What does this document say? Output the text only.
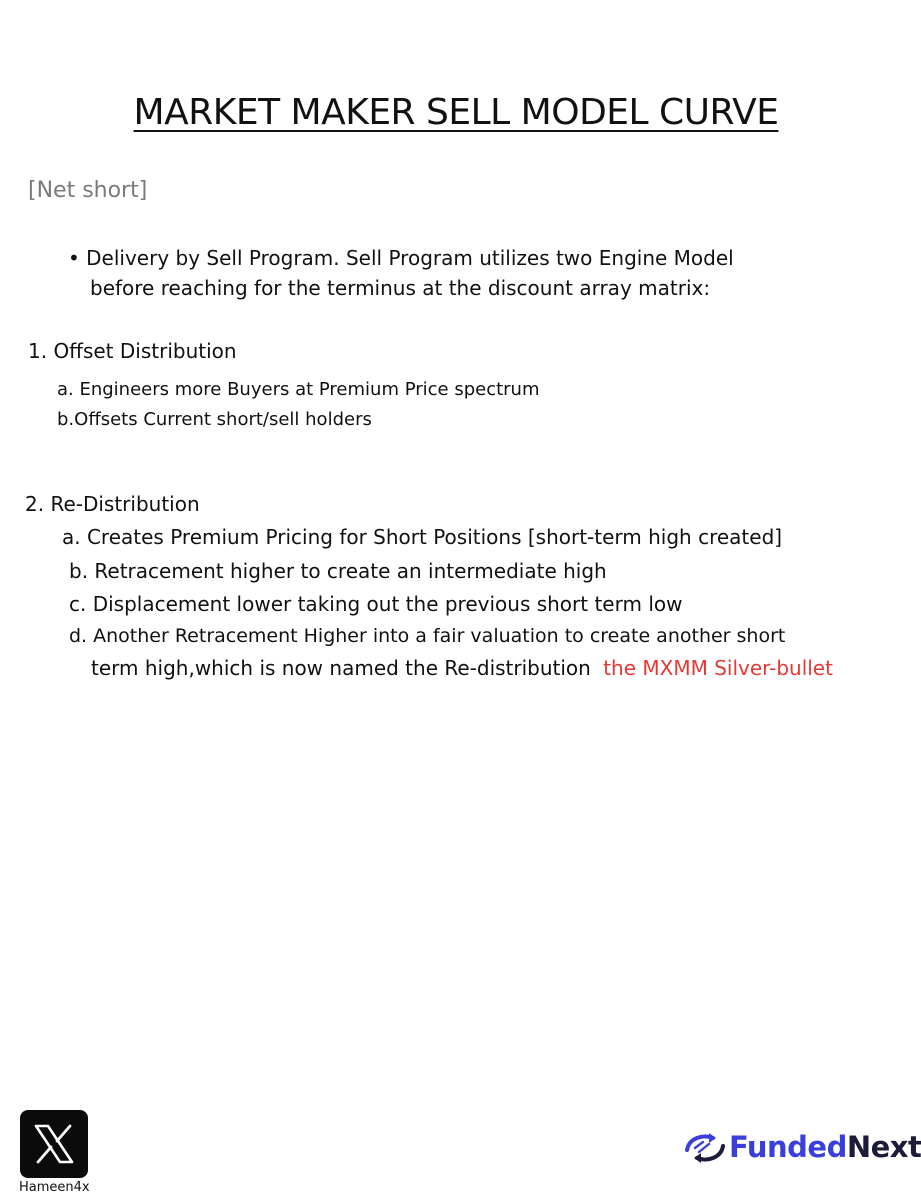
MARKET MAKER SELL MODEL CURVE
[Net short]
• Delivery by Sell Program. Sell Program utilizes two Engine Model
before reaching for the terminus at the discount array matrix:
1. Offset Distribution
a. Engineers more Buyers at Premium Price spectrum
b.Offsets Current short/sell holders
2. Re-Distribution
a. Creates Premium Pricing for Short Positions [short-term high created]
b. Retracement higher to create an intermediate high
c. Displacement lower taking out the previous short term low
d. Another Retracement Higher into a fair valuation to create another short
term high,which is now named the Re-distribution the MXMM Silver-bullet
Hameen4x
FundedNext
